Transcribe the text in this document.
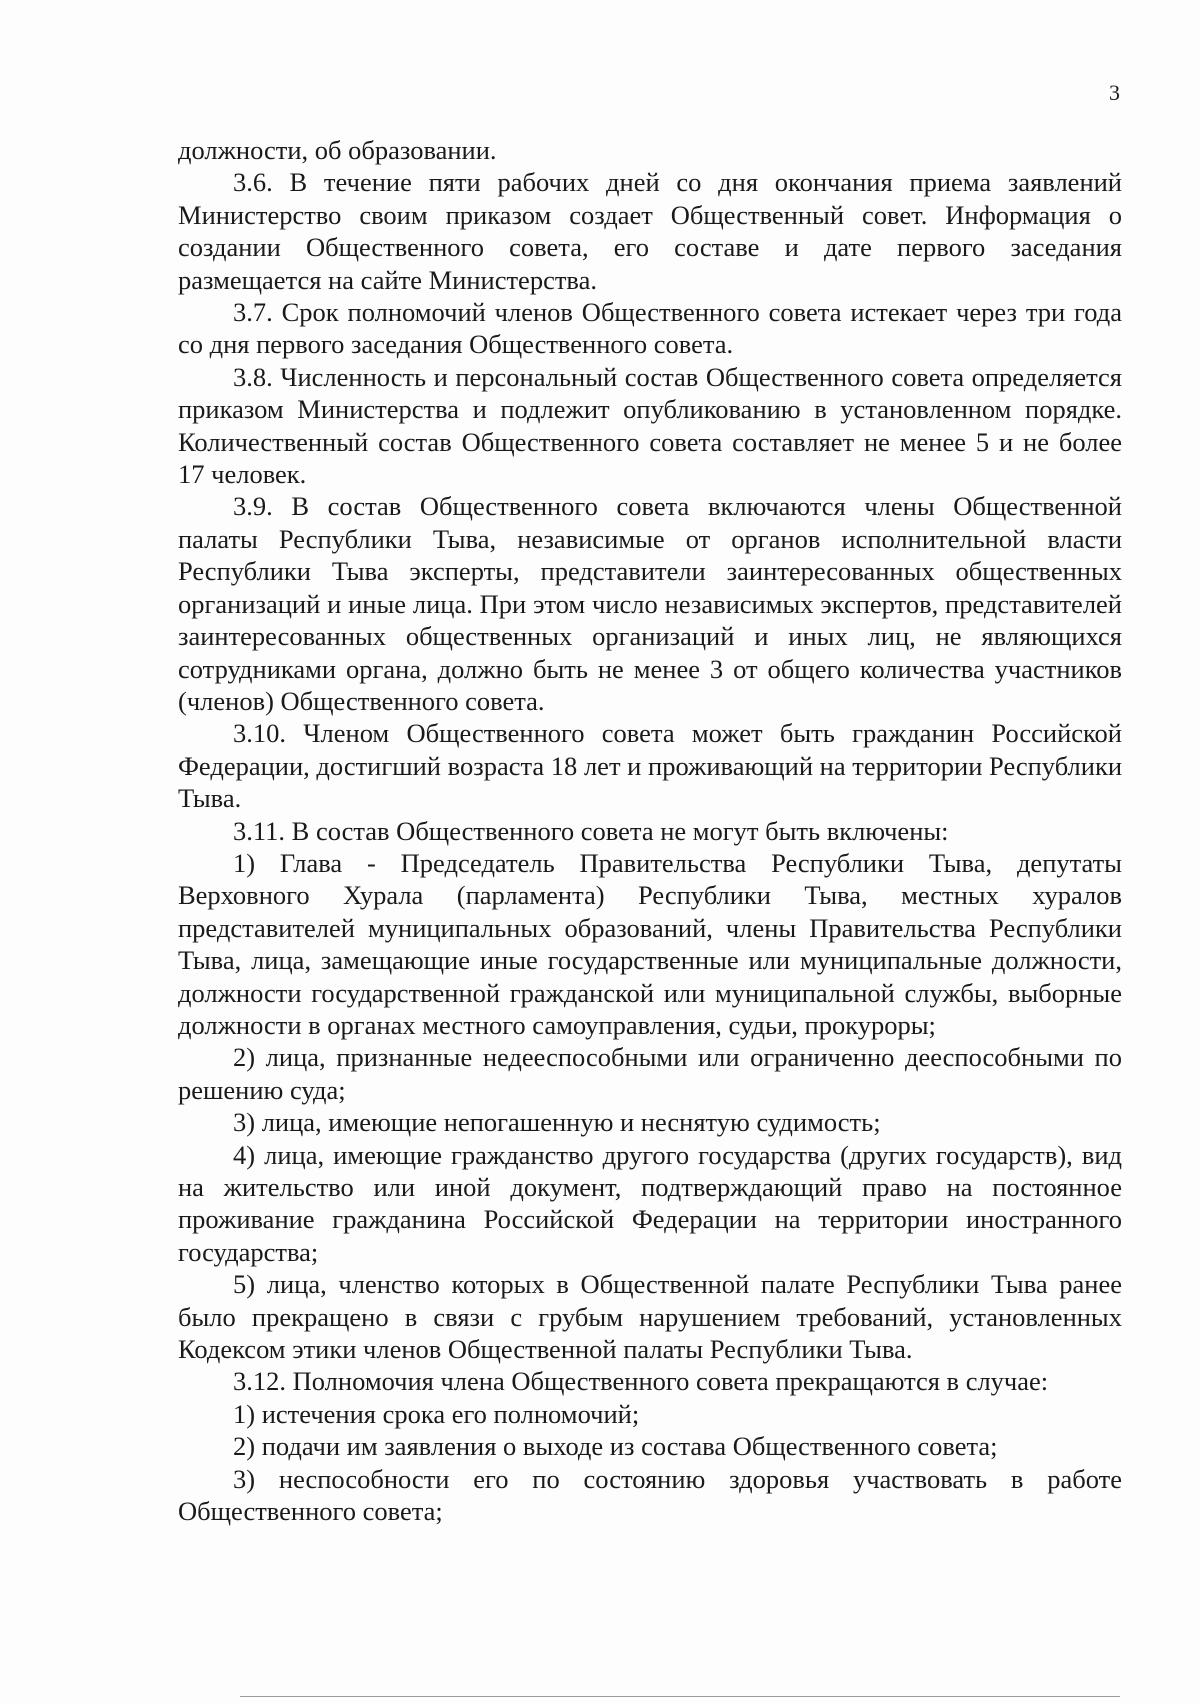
3

должности, об образовании.

3.6. В течение пяти рабочих дней со дня окончания приема заявлений Министерство своим приказом создает Общественный совет. Информация о создании Общественного совета, его составе и дате первого заседания размещается на сайте Министерства.

3.7. Срок полномочий членов Общественного совета истекает через три года со дня первого заседания Общественного совета.

3.8. Численность и персональный состав Общественного совета определяется приказом Министерства и подлежит опубликованию в установленном порядке. Количественный состав Общественного совета составляет не менее 5 и не более 17 человек.

3.9. В состав Общественного совета включаются члены Общественной палаты Республики Тыва, независимые от органов исполнительной власти Республики Тыва эксперты, представители заинтересованных общественных организаций и иные лица. При этом число независимых экспертов, представителей заинтересованных общественных организаций и иных лиц, не являющихся сотрудниками органа, должно быть не менее 3 от общего количества участников (членов) Общественного совета.

3.10. Членом Общественного совета может быть гражданин Российской Федерации, достигший возраста 18 лет и проживающий на территории Республики Тыва.

3.11. В состав Общественного совета не могут быть включены:

1) Глава - Председатель Правительства Республики Тыва, депутаты Верховного Хурала (парламента) Республики Тыва, местных хуралов представителей муниципальных образований, члены Правительства Республики Тыва, лица, замещающие иные государственные или муниципальные должности, должности государственной гражданской или муниципальной службы, выборные должности в органах местного самоуправления, судьи, прокуроры;

2) лица, признанные недееспособными или ограниченно дееспособными по решению суда;

3) лица, имеющие непогашенную и неснятую судимость;

4) лица, имеющие гражданство другого государства (других государств), вид на жительство или иной документ, подтверждающий право на постоянное проживание гражданина Российской Федерации на территории иностранного государства;

5) лица, членство которых в Общественной палате Республики Тыва ранее было прекращено в связи с грубым нарушением требований, установленных Кодексом этики членов Общественной палаты Республики Тыва.

3.12. Полномочия члена Общественного совета прекращаются в случае:

1) истечения срока его полномочий;

2) подачи им заявления о выходе из состава Общественного совета;

3) неспособности его по состоянию здоровья участвовать в работе Общественного совета;
